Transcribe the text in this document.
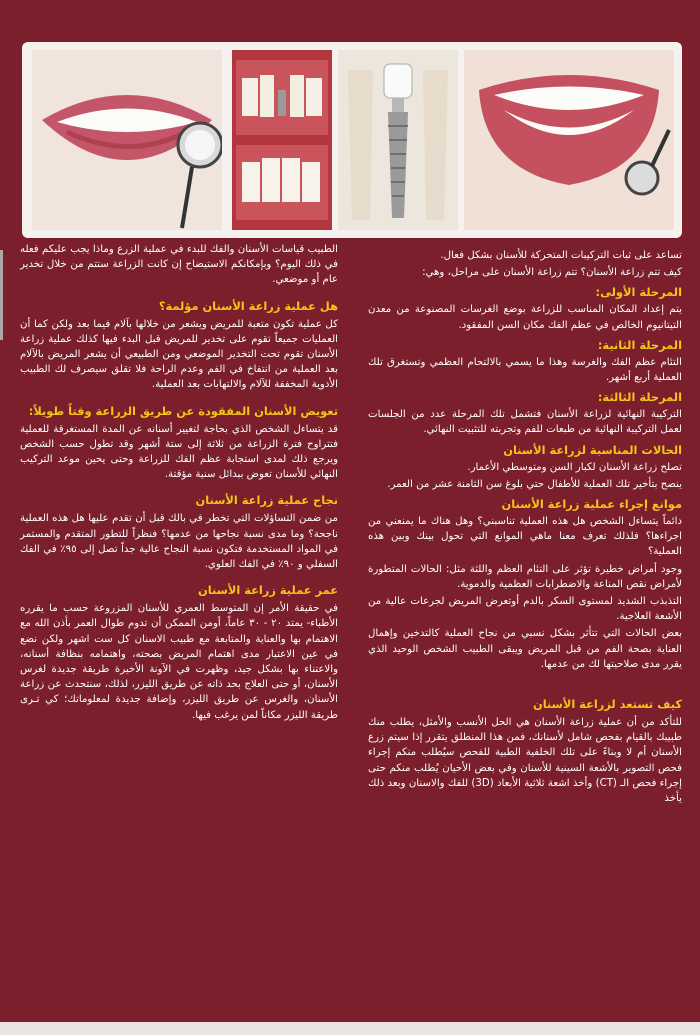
تساعد على ثبات التركيبات المتحركة للأسنان بشكل فعال.

كيف تتم زراعة الأسنان؟ تتم زراعة الأسنان على مراحل، وهي:

المرحلة الأولى:

يتم إعداد المكان المناسب للزراعة بوضع الغرسات المصنوعة من معدن التيتانيوم الخالص في عظم الفك مكان السن المفقود.

المرحلة الثانية:

التئام عظم الفك والغرسة وهذا ما يسمي بالالتحام العظمي وتستغرق تلك العملية أربع أشهر.

المرحلة الثالثة:

التركيبة النهائية لزراعة الأسنان فتشمل تلك المرحلة عدد من الجلسات لعمل التركيبة النهائية من طبعات للفم وتجربته للتثبيت النهائي.

الحالات المناسبة لزراعة الأسنان

تصلح زراعة الأسنان لكبار السن ومتوسطي الأعمار.

ينصح بتأخير تلك العملية للأطفال حتي بلوغ سن الثامنة عشر من العمر.

موانع إجراء عملية زراعة الأسنان

دائماً يتساءل الشخص هل هذه العملية تناسبني؟ وهل هناك ما يمنعني من اجراءها؟ فلذلك تعرف معنا ماهي الموانع التي تحول بينك وبين هذه العملية؟

وجود أمراض خطيرة تؤثر على التئام العظم واللثة مثل: الحالات المتطورة لأمراض نقص المناعة والاضطرابات العظمية والدموية.

التذبذب الشديد لمستوى السكر بالدم أوتعرض المريض لجرعات عالية من الأشعة العلاجية.

بعض الحالات التي تتأثر بشكل نسبي من نجاح العملية كالتدخين وإهمال العناية بصحة الفم من قبل المريض ويبقى الطبيب الشخص الوحيد الذي يقرر مدى صلاحيتها لك من عدمها.

كيف تستعد لزراعة الأسنان

للتأكد من أن عملية زراعة الأسنان هي الحل الأنسب والأمثل، يطلب منك طبيبك بالقيام بفحص شامل لأسنانك، فمن هذا المنطلق يتقرر إذا سيتم زرع الأسنان أم لا وبناءً على تلك الخلفية الطبية للفحص سيُطلب منكم إجراء فحص التصوير بالأشعة السينية للأسنان وفي بعض الأحيان يُطلب منكم حتى إجراء فحص الـ (CT) وأخذ اشعة ثلاثية الأبعاد (3D) للفك والاسنان وبعد ذلك يأخذ

الطبيب قياسات الأسنان والفك للبدء في عملية الزرع وماذا يجب عليكم فعله في ذلك اليوم؟ وبإمكانكم الاستيضاح إن كانت الزراعة ستتم من خلال تخدير عام أو موضعي.

هل عملية زراعة الأسنان مؤلمة؟

كل عملية تكون متعبة للمريض ويشعر من خلالها بآلام فيما بعد ولكن كما أن العمليات جميعاً تقوم على تخدير للمريض قبل البدء فيها كذلك عملية زراعة الأسنان تقوم تحت التخدير الموضعي ومن الطبيعي أن يشعر المريض بالآلام بعد العملية من انتفاخ في الفم وعدم الراحة فلا تقلق سيصرف لك الطبيب الأدوية المخففة للآلام والالتهابات بعد العملية.

تعويض الأسنان المفقودة عن طريق الزراعة وقتاً طويلاً:

قد يتساءل الشخص الذي بحاجة لتغيير أسنانه عن المدة المستغرقة للعملية فتتراوح فترة الزراعة من ثلاثة إلى ستة أشهر وقد تطول حسب الشخص ويرجع ذلك لمدى استجابة عظم الفك للزراعة وحتى يحين موعد التركيب النهائي للأسنان تعوض ببدائل سنية مؤقتة.

نجاح عملية زراعة الأسنان

من ضمن التساؤلات التي تخطر في بالك قبل أن تقدم عليها هل هذه العملية ناجحة؟ وما مدى نسبة نجاحها من عدمها؟ فنظراً للتطور المتقدم والمستمر في المواد المستخدمة فتكون نسبة النجاح عالية جداً تصل إلى ٩٥٪ في الفك السفلي و ٩٠٪ في الفك العلوي.

عمر عملية زراعة الأسنان

في حقيقة الأمر إن المتوسط العمري للأسنان المزروعة حسب ما يقرره الأطباء- يمتد ٢٠ - ٣٠ عاماً، أومن الممكن أن تدوم طوال العمر بأذن الله مع الاهتمام بها والعناية والمتابعة مع طبيب الاسنان كل ست اشهر ولكن نضع في عين الاعتبار مدى اهتمام المريض بصحته، واهتمامه بنظافة أسنانه، والاعتناء بها بشكل جيد، وظهرت في الآونة الأخيرة طريقة جديدة لغرس الأسنان، أو حتى العلاج بحد ذاته عن طريق الليزر، لذلك، سنتحدث عن زراعة الأسنان، والغرس عن طريق الليزر، وإضافة جديدة لمعلوماتك؛ كي تـرى طريقة الليزر مكاناً لمن يرغب فيها.
